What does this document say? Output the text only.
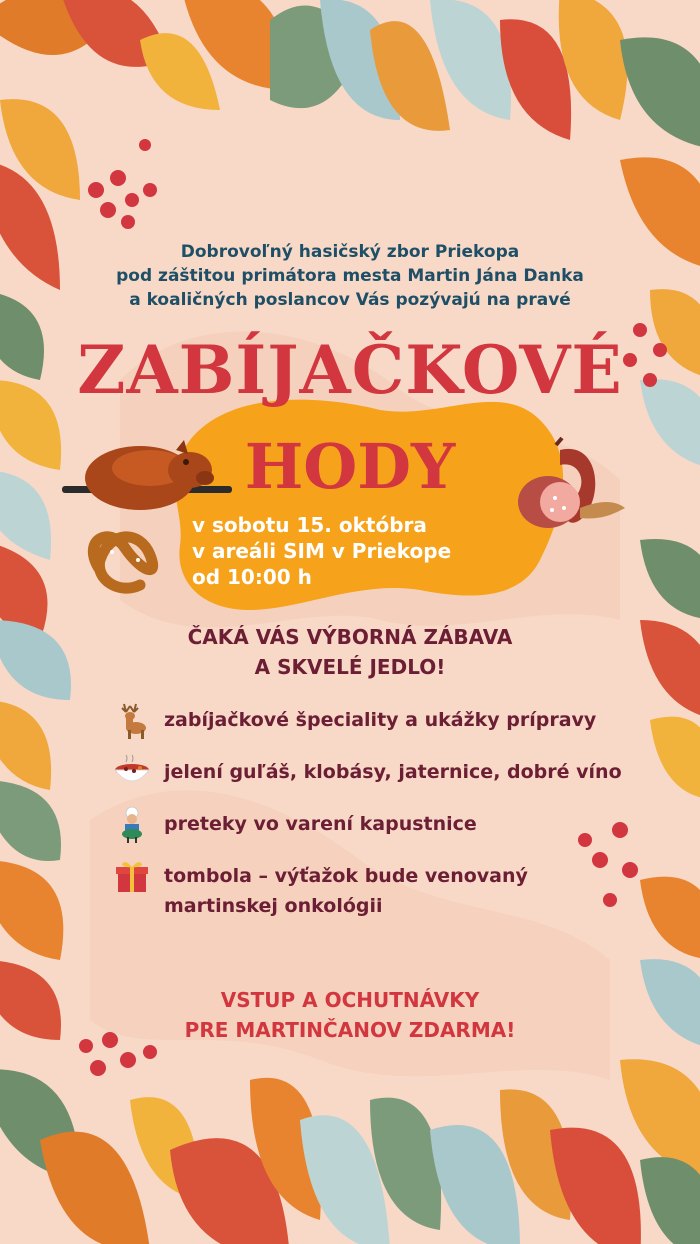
Dobrovoľný hasičský zbor Priekopa
pod záštitou primátora mesta Martin Jána Danka
a koaličných poslancov Vás pozývajú na pravé
ZABÍJAČKOVÉ
HODY
v sobotu 15. októbra
v areáli SIM v Priekope
od 10:00 h
ČAKÁ VÁS VÝBORNÁ ZÁBAVA
A SKVELÉ JEDLO!
zabíjačkové špeciality a ukážky prípravy
jelení guľáš, klobásy, jaternice, dobré víno
preteky vo varení kapustnice
tombola – výťažok bude venovaný
martinskej onkológii
VSTUP A OCHUTNÁVKY
PRE MARTINČANOV ZDARMA!
